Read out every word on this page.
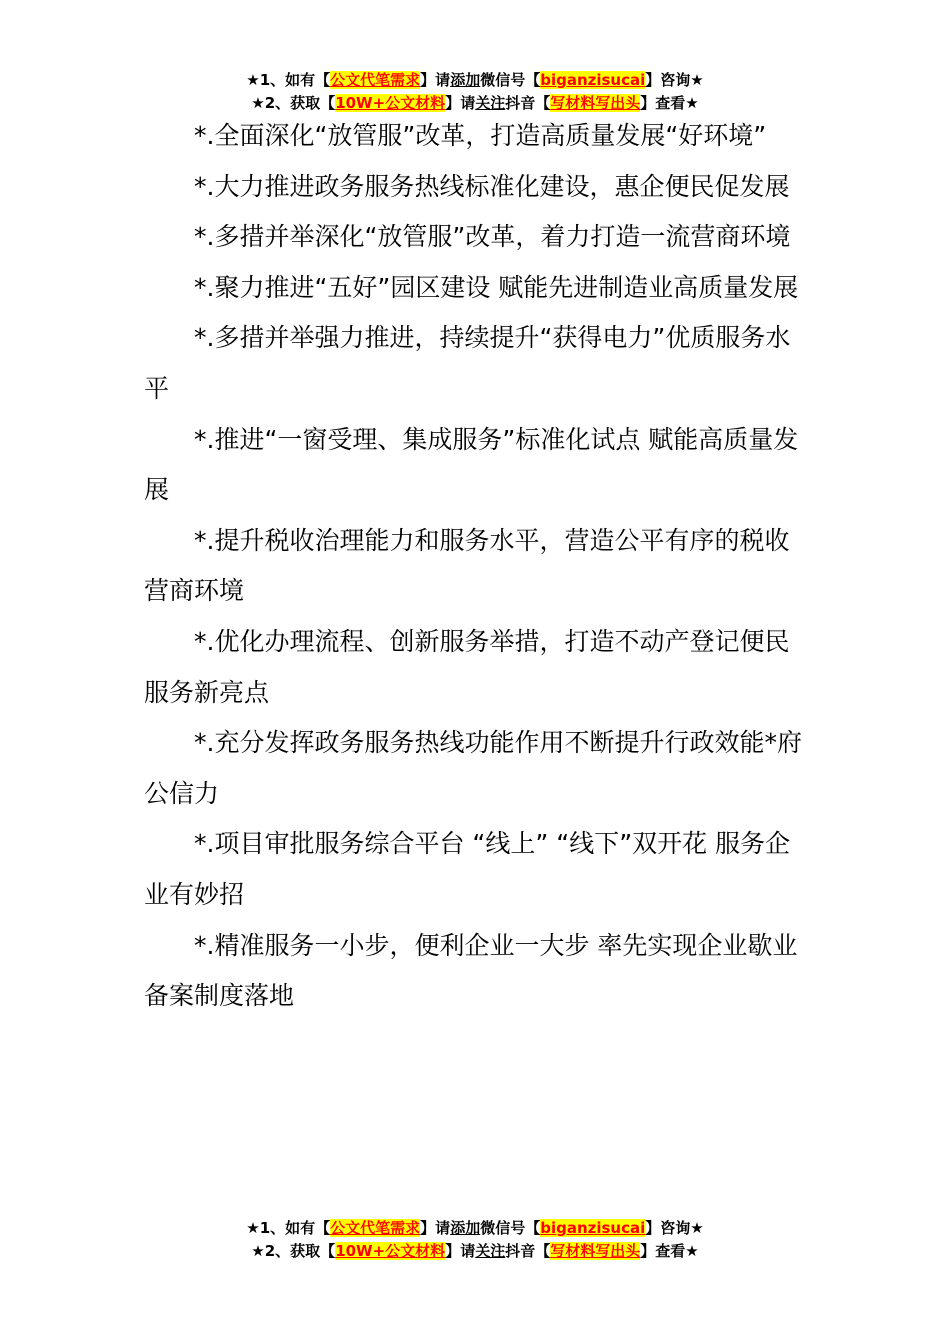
★1、如有【公文代笔需求】请添加微信号【biganzisucai】咨询★
★2、获取【10W+公文材料】请关注抖音【写材料写出头】查看★

*.全面深化“放管服”改革，打造高质量发展“好环境”

*.大力推进政务服务热线标准化建设，惠企便民促发展

*.多措并举深化“放管服”改革，着力打造一流营商环境

*.聚力推进“五好”园区建设 赋能先进制造业高质量发展

*.多措并举强力推进，持续提升“获得电力”优质服务水平

*.推进“一窗受理、集成服务”标准化试点 赋能高质量发展

*.提升税收治理能力和服务水平，营造公平有序的税收营商环境

*.优化办理流程、创新服务举措，打造不动产登记便民服务新亮点

*.充分发挥政务服务热线功能作用不断提升行政效能*府公信力

*.项目审批服务综合平台 “线上” “线下”双开花 服务企业有妙招

*.精准服务一小步，便利企业一大步 率先实现企业歇业备案制度落地

★1、如有【公文代笔需求】请添加微信号【biganzisucai】咨询★
★2、获取【10W+公文材料】请关注抖音【写材料写出头】查看★
